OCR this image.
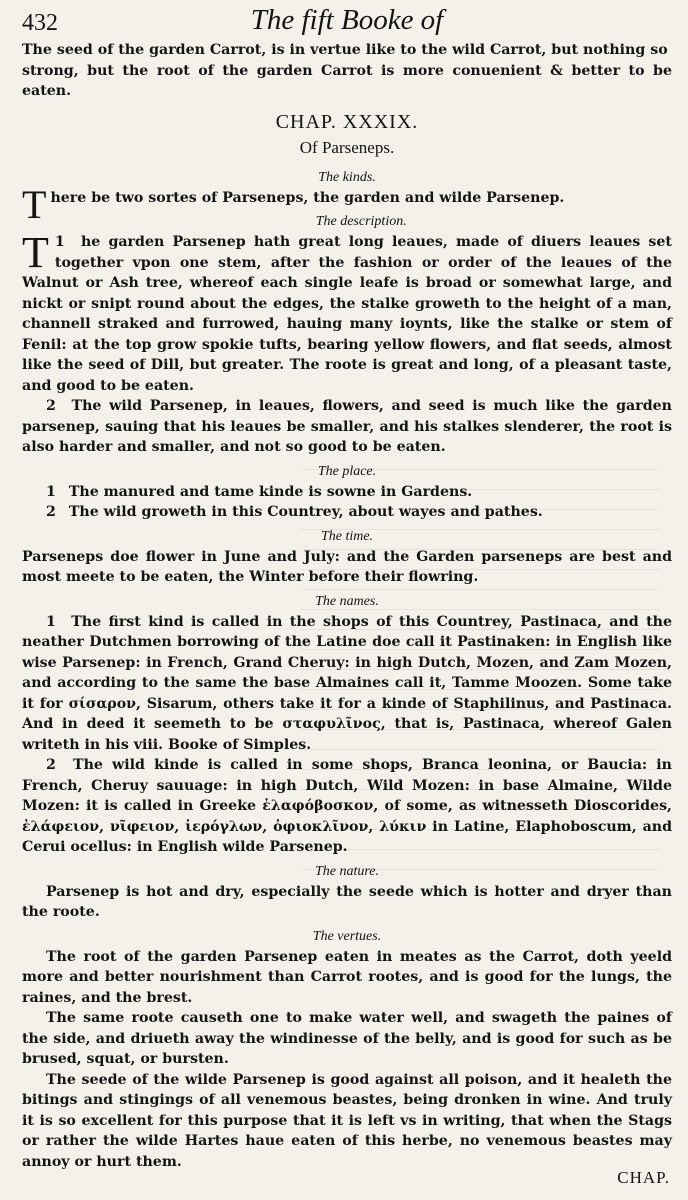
432	The fift Booke of

The seed of the garden Carrot, is in vertue like to the wild Carrot, but nothing so

strong, but the root of the garden Carrot is more conuenient & better to be eaten.

CHAP. XXXIX.
Of Parseneps.
The kinds.

T here be two sortes of Parseneps, the garden and wilde Parsenep.

The description.

1
T he garden Parsenep hath great long leaues, made of diuers leaues set together vpon one stem, after the fashion or order of the leaues of the Walnut or Ash tree, whereof each single leafe is broad or somewhat large, and nickt or snipt round about the edges, the stalke groweth to the height of a man, channell straked and furrowed, hauing many ioynts, like the stalke or stem of Fenil: at the top grow spokie tufts, bearing yellow flowers, and flat seeds, almost like the seed of Dill, but greater. The roote is great and long, of a pleasant taste, and good to be eaten.

2 The wild Parsenep, in leaues, flowers, and seed is much like the garden parsenep, sauing that his leaues be smaller, and his stalkes slenderer, the root is also harder and smaller, and not so good to be eaten.

The place.

1 The manured and tame kinde is sowne in Gardens.

2 The wild groweth in this Countrey, about wayes and pathes.

The time.

Parseneps doe flower in June and July: and the Garden parseneps are best and most meete to be eaten, the Winter before their flowring.

The names.

1 The first kind is called in the shops of this Countrey, Pastinaca, and the neather Dutchmen borrowing of the Latine doe call it Pastinaken: in English like wise Parsenep: in French, Grand Cheruy: in high Dutch, Mozen, and Zam Mozen, and according to the same the base Almaines call it, Tamme Moozen. Some take it for σίσαρον, Sisarum, others take it for a kinde of Staphilinus, and Pastinaca. And in deed it seemeth to be σταφυλῖνος, that is, Pastinaca, whereof Galen writeth in his viii. Booke of Simples.

2 The wild kinde is called in some shops, Branca leonina, or Baucia: in French, Cheruy sauuage: in high Dutch, Wild Mozen: in base Almaine, Wilde Mozen: it is called in Greeke ἐλαφόβοσκον, of some, as witnesseth Dioscorides, ἐλάφειον, νῖφειον, ἱερόγλων, ὀφιοκλῖνον, λύκιν in Latine, Elaphoboscum, and Cerui ocellus: in English wilde Parsenep.

The nature.

Parsenep is hot and dry, especially the seede which is hotter and dryer than the roote.

The vertues.

The root of the garden Parsenep eaten in meates as the Carrot, doth yeeld more and better nourishment than Carrot rootes, and is good for the lungs, the raines, and the brest.

The same roote causeth one to make water well, and swageth the paines of the side, and driueth away the windinesse of the belly, and is good for such as be brused, squat, or bursten.

The seede of the wilde Parsenep is good against all poison, and it healeth the bitings and stingings of all venemous beastes, being dronken in wine. And truly it is so excellent for this purpose that it is left vs in writing, that when the Stags or rather the wilde Hartes haue eaten of this herbe, no venemous beastes may annoy or hurt them.

CHAP.
